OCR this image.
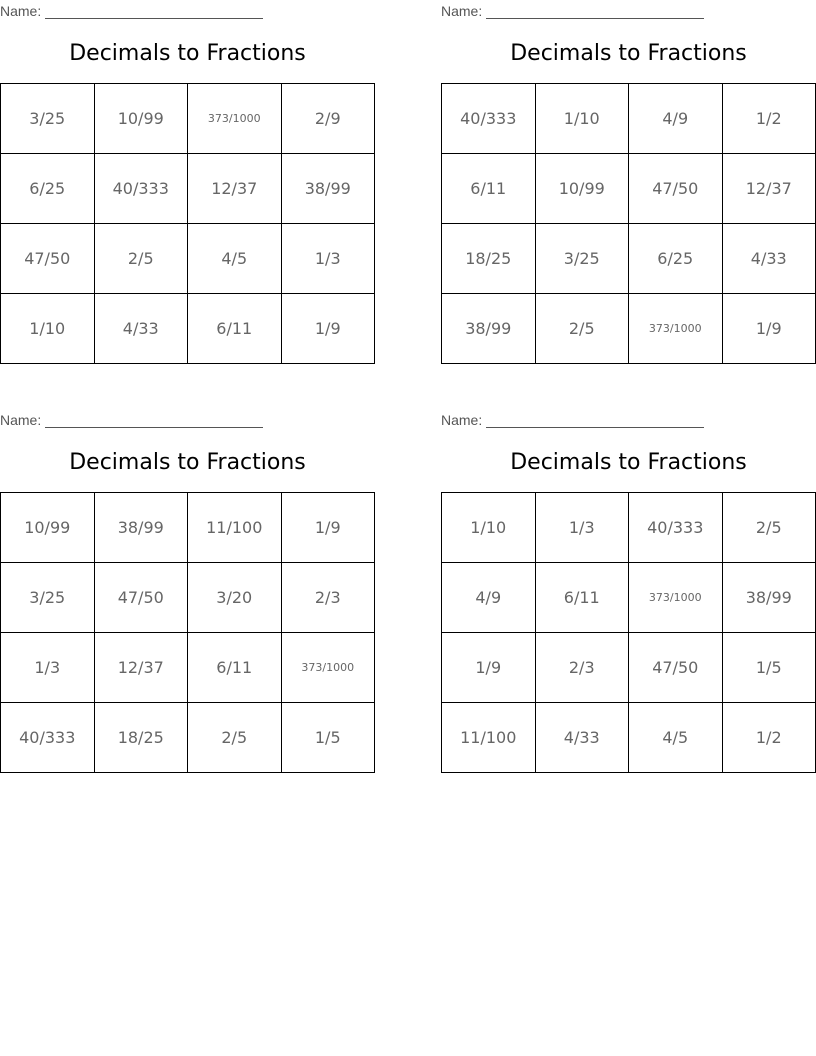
Name:
Decimals to Fractions
3/25	10/99	373/1000	2/9
6/25	40/333	12/37	38/99
47/50	2/5	4/5	1/3
1/10	4/33	6/11	1/9
Name:
Decimals to Fractions
40/333	1/10	4/9	1/2
6/11	10/99	47/50	12/37
18/25	3/25	6/25	4/33
38/99	2/5	373/1000	1/9
Name:
Decimals to Fractions
10/99	38/99	11/100	1/9
3/25	47/50	3/20	2/3
1/3	12/37	6/11	373/1000
40/333	18/25	2/5	1/5
Name:
Decimals to Fractions
1/10	1/3	40/333	2/5
4/9	6/11	373/1000	38/99
1/9	2/3	47/50	1/5
11/100	4/33	4/5	1/2
